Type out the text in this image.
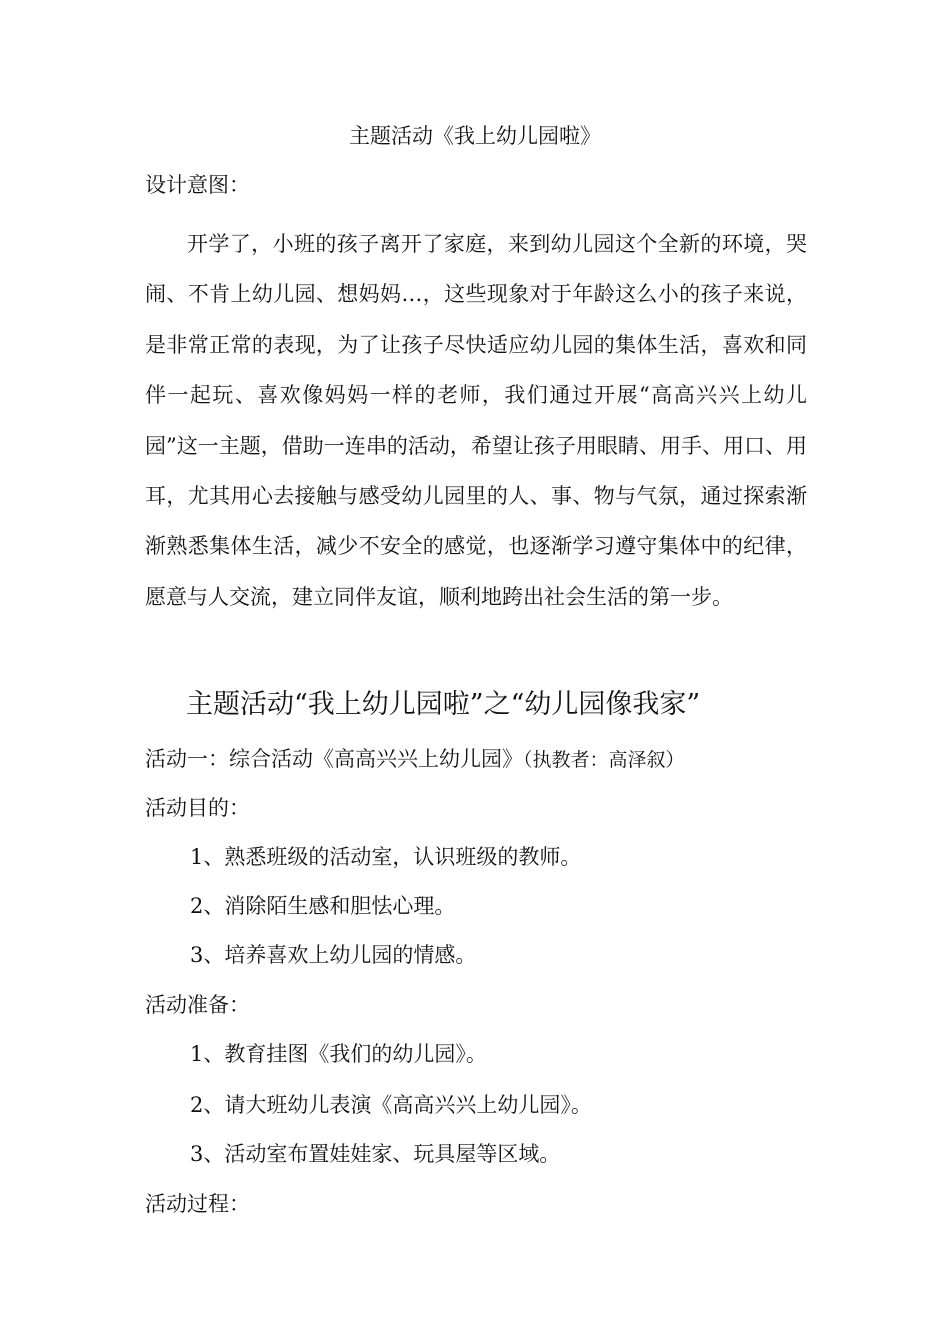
主题活动《我上幼儿园啦》
设计意图：
开学了，小班的孩子离开了家庭，来到幼儿园这个全新的环境，哭闹、不肯上幼儿园、想妈妈…，这些现象对于年龄这么小的孩子来说，是非常正常的表现，为了让孩子尽快适应幼儿园的集体生活，喜欢和同伴一起玩、喜欢像妈妈一样的老师，我们通过开展“高高兴兴上幼儿园”这一主题，借助一连串的活动，希望让孩子用眼睛、用手、用口、用耳，尤其用心去接触与感受幼儿园里的人、事、物与气氛，通过探索渐渐熟悉集体生活，减少不安全的感觉，也逐渐学习遵守集体中的纪律，愿意与人交流，建立同伴友谊，顺利地跨出社会生活的第一步。
主题活动“我上幼儿园啦”之“幼儿园像我家”
活动一：综合活动《高高兴兴上幼儿园》（执教者：高泽叙）
活动目的：
1、熟悉班级的活动室，认识班级的教师。
2、消除陌生感和胆怯心理。
3、培养喜欢上幼儿园的情感。
活动准备：
1、教育挂图《我们的幼儿园》。
2、请大班幼儿表演《高高兴兴上幼儿园》。
3、活动室布置娃娃家、玩具屋等区域。
活动过程：
